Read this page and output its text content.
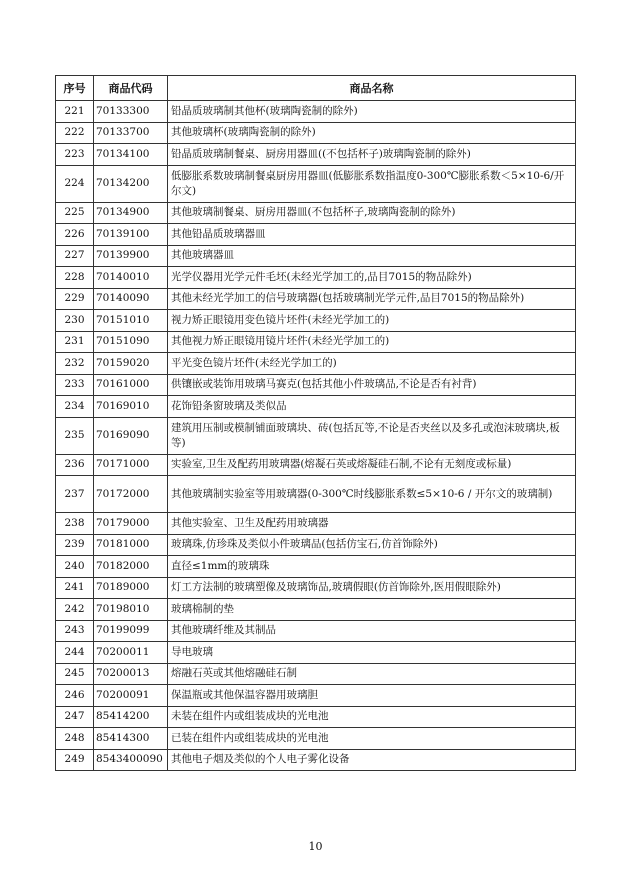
序号	商品代码	商品名称
221	70133300	铅晶质玻璃制其他杯(玻璃陶瓷制的除外)
222	70133700	其他玻璃杯(玻璃陶瓷制的除外)
223	70134100	铅晶质玻璃制餐桌、厨房用器皿((不包括杯子)玻璃陶瓷制的除外)
224	70134200	低膨胀系数玻璃制餐桌厨房用器皿(低膨胀系数指温度0-300℃膨胀系数＜5×10-6/开尔文)
225	70134900	其他玻璃制餐桌、厨房用器皿(不包括杯子,玻璃陶瓷制的除外)
226	70139100	其他铅晶质玻璃器皿
227	70139900	其他玻璃器皿
228	70140010	光学仪器用光学元件毛坯(未经光学加工的,品目7015的物品除外)
229	70140090	其他未经光学加工的信号玻璃器(包括玻璃制光学元件,品目7015的物品除外)
230	70151010	视力矫正眼镜用变色镜片坯件(未经光学加工的)
231	70151090	其他视力矫正眼镜用镜片坯件(未经光学加工的)
232	70159020	平光变色镜片坯件(未经光学加工的)
233	70161000	供镶嵌或装饰用玻璃马赛克(包括其他小件玻璃品,不论是否有衬背)
234	70169010	花饰铅条窗玻璃及类似品
235	70169090	建筑用压制或模制铺面玻璃块、砖(包括瓦等,不论是否夹丝以及多孔或泡沫玻璃块,板等)
236	70171000	实验室,卫生及配药用玻璃器(熔凝石英或熔凝硅石制,不论有无刻度或标量)
237	70172000	其他玻璃制实验室等用玻璃器(0-300℃时线膨胀系数≤5×10-6 / 开尔文的玻璃制)
238	70179000	其他实验室、卫生及配药用玻璃器
239	70181000	玻璃珠,仿珍珠及类似小件玻璃品(包括仿宝石,仿首饰除外)
240	70182000	直径≤1mm的玻璃珠
241	70189000	灯工方法制的玻璃塑像及玻璃饰品,玻璃假眼(仿首饰除外,医用假眼除外)
242	70198010	玻璃棉制的垫
243	70199099	其他玻璃纤维及其制品
244	70200011	导电玻璃
245	70200013	熔融石英或其他熔融硅石制
246	70200091	保温瓶或其他保温容器用玻璃胆
247	85414200	未装在组件内或组装成块的光电池
248	85414300	已装在组件内或组装成块的光电池
249	8543400090	其他电子烟及类似的个人电子雾化设备
10
